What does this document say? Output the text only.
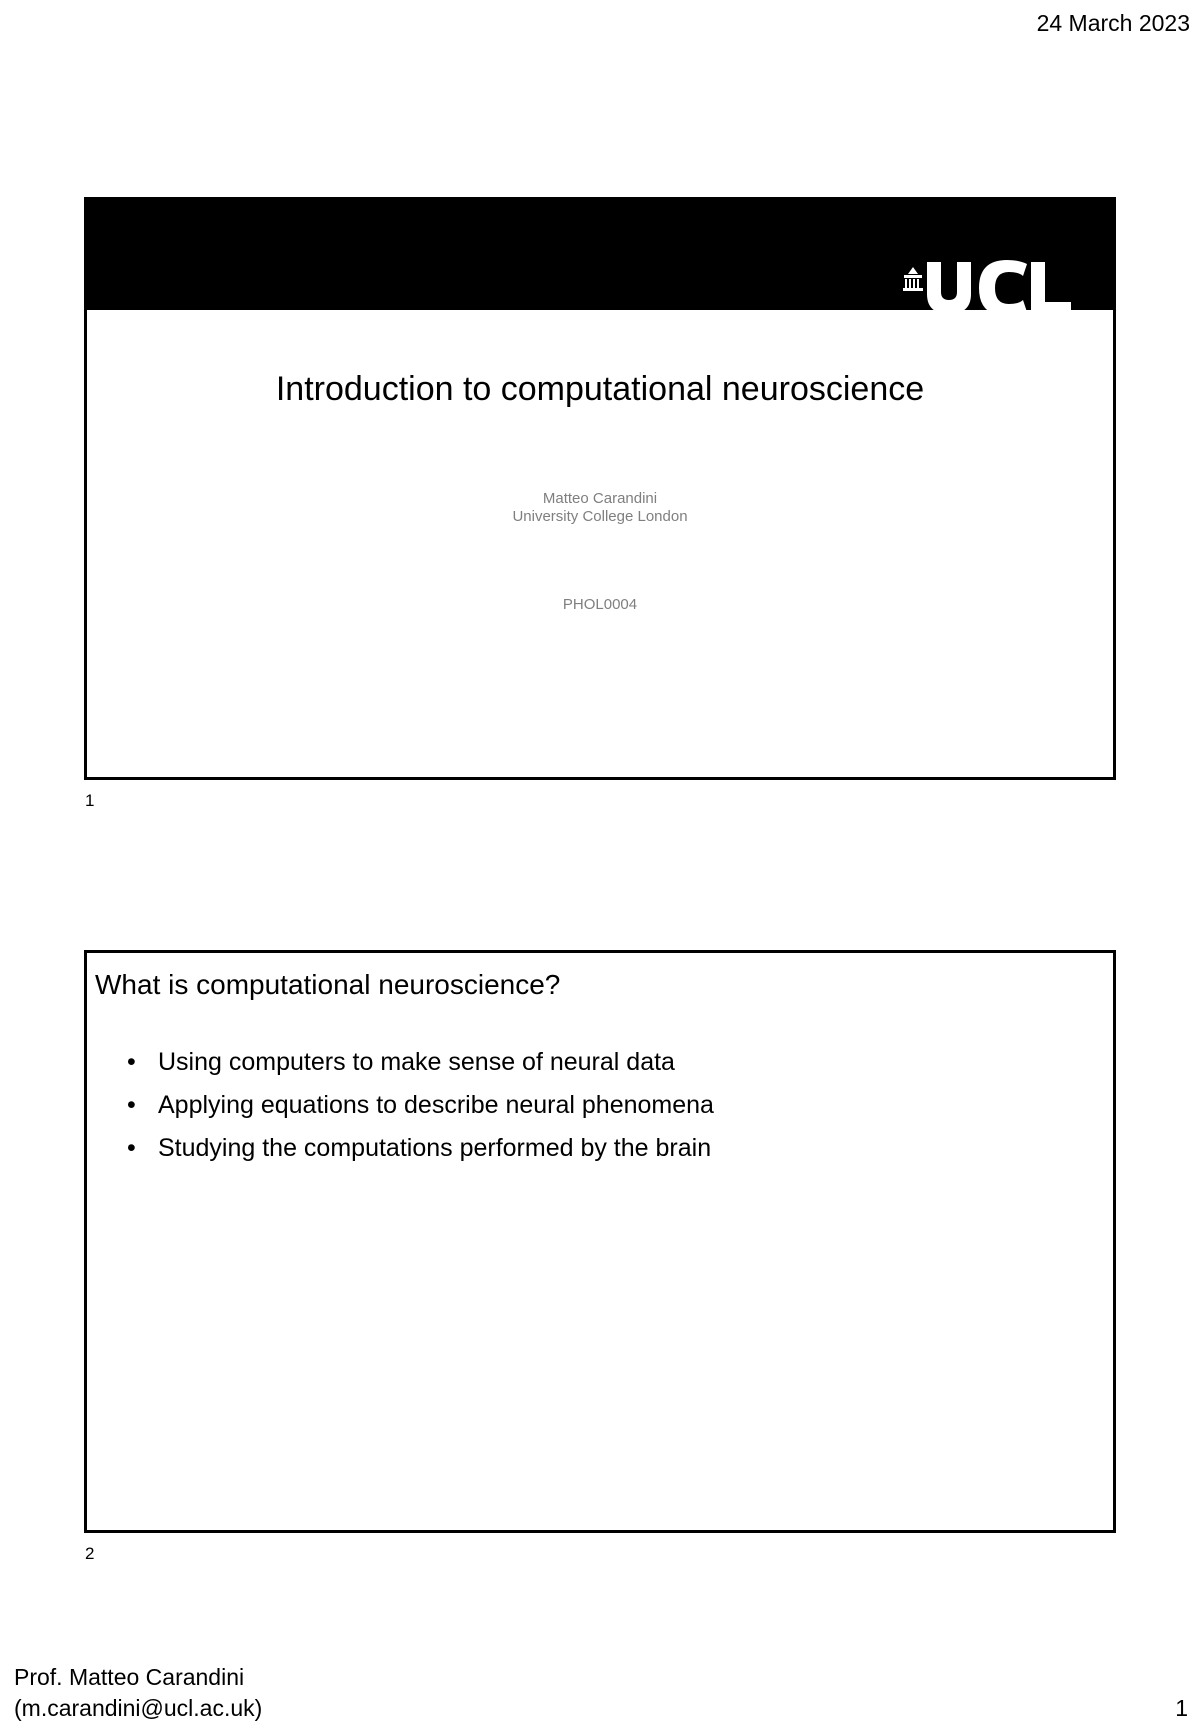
24 March 2023
Introduction to computational neuroscience
Matteo Carandini
University College London
PHOL0004
1
What is computational neuroscience?
• Using computers to make sense of neural data
• Applying equations to describe neural phenomena
• Studying the computations performed by the brain
2
Prof. Matteo Carandini
(m.carandini@ucl.ac.uk)	1
